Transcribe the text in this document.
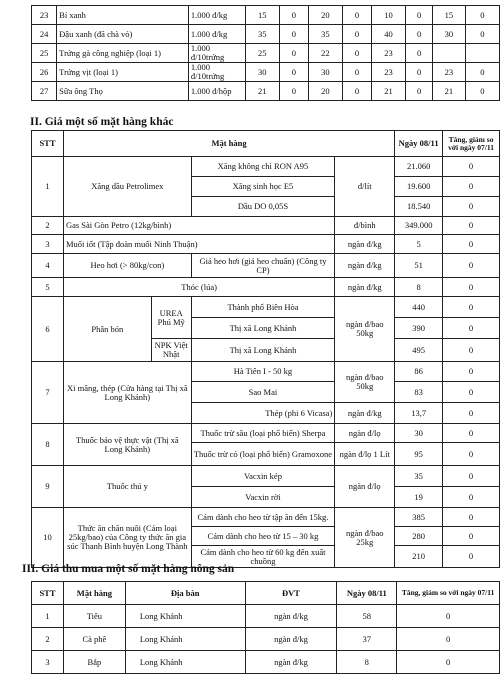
23	Bí xanh	1.000 đ/kg	15	0	20	0	10	0	15	0
24	Đậu xanh (đã chà vỏ)	1.000 đ/kg	35	0	35	0	40	0	30	0
25	Trứng gà công nghiệp (loại 1)	1.000 đ/10trứng	25	0	22	0	23	0		
26	Trứng vịt (loại 1)	1.000 đ/10trứng	30	0	30	0	23	0	23	0
27	Sữa ông Thọ	1.000 đ/hộp	21	0	20	0	21	0	21	0
II. Giá một số mặt hàng khác
STT	Mặt hàng				Ngày 08/11	Tăng, giảm so với ngày 07/11
1	Xăng dầu Petrolimex		Xăng không chì RON A95	đ/lít	21.060	0
			Xăng sinh học E5		19.600	0
			Dầu DO 0,05S		18.540	0
2	Gas Sài Gòn Petro (12kg/bình)			đ/bình	349.000	0
3	Muối iốt (Tập đoàn muối Ninh Thuận)			ngàn đ/kg	5	0
4	Heo hơi (> 80kg/con)		Giá heo hơi (giá heo chuẩn) (Công ty CP)	ngàn đ/kg	51	0
5	Thóc (lúa)			ngàn đ/kg	8	0
6	Phân bón	UREA Phú Mỹ	Thành phố Biên Hòa	ngàn đ/bao 50kg	440	0
			Thị xã Long Khánh		390	0
		NPK Việt Nhật	Thị xã Long Khánh		495	0
7	Xi măng, thép (Cửa hàng tại Thị xã Long Khánh)		Hà Tiên I - 50 kg	ngàn đ/bao 50kg	86	0
			Sao Mai		83	0
			Thép (phi 6 Vicasa)	ngàn đ/kg	13,7	0
8	Thuốc bảo vệ thực vật (Thị xã Long Khánh)		Thuốc trừ sâu (loại phổ biến) Sherpa	ngàn đ/lọ	30	0
			Thuốc trừ cỏ (loại phổ biến) Gramoxone	ngàn đ/lọ 1 Lít	95	0
9	Thuốc thú y		Vacxin kép	ngàn đ/lọ	35	0
			Vacxin rời		19	0
10	Thức ăn chăn nuôi (Cám loại 25kg/bao) của Công ty thức ăn gia súc Thanh Bình huyện Long Thành		Cám dành cho heo từ tập ăn đến 15kg.	ngàn đ/bao 25kg	385	0
			Cám dành cho heo từ 15 – 30 kg		280	0
			Cám dành cho heo từ 60 kg đến xuất chuồng		210	0
III. Giá thu mua một số mặt hàng nông sản
STT	Mặt hàng	Địa bàn	ĐVT	Ngày 08/11	Tăng, giảm so với ngày 07/11
1	Tiêu	Long Khánh	ngàn đ/kg	58	0
2	Cà phê	Long Khánh	ngàn đ/kg	37	0
3	Bắp	Long Khánh	ngàn đ/kg	8	0
